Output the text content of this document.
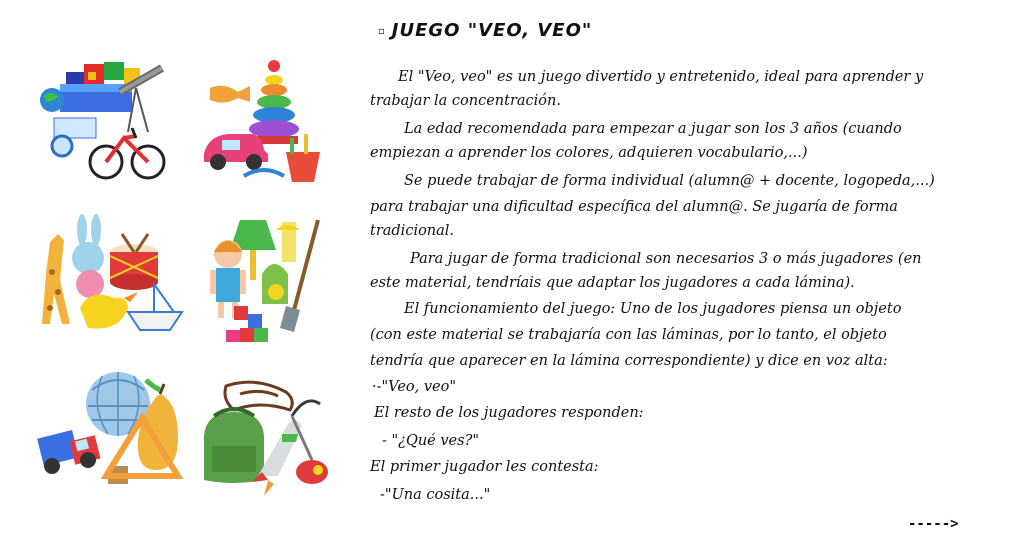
▫ JUEGO "VEO, VEO"
El "Veo, veo" es un juego divertido y entretenido, ideal para aprender y
trabajar la concentración.
La edad recomendada para empezar a jugar son los 3 años (cuando
empiezan a aprender los colores, adquieren vocabulario,...)
Se puede trabajar de forma individual (alumn@ + docente, logopeda,...)
para trabajar una dificultad específica del alumn@. Se jugaría de forma
tradicional.
Para jugar de forma tradicional son necesarios 3 o más jugadores (en
este material, tendríais que adaptar los jugadores a cada lámina).
El funcionamiento del juego: Uno de los jugadores piensa un objeto
(con este material se trabajaría con las láminas, por lo tanto, el objeto
tendría que aparecer en la lámina correspondiente) y dice en voz alta:
·-"Veo, veo"
El resto de los jugadores responden:
- "¿Qué ves?"
El primer jugador les contesta:
-"Una cosita..."
----->
